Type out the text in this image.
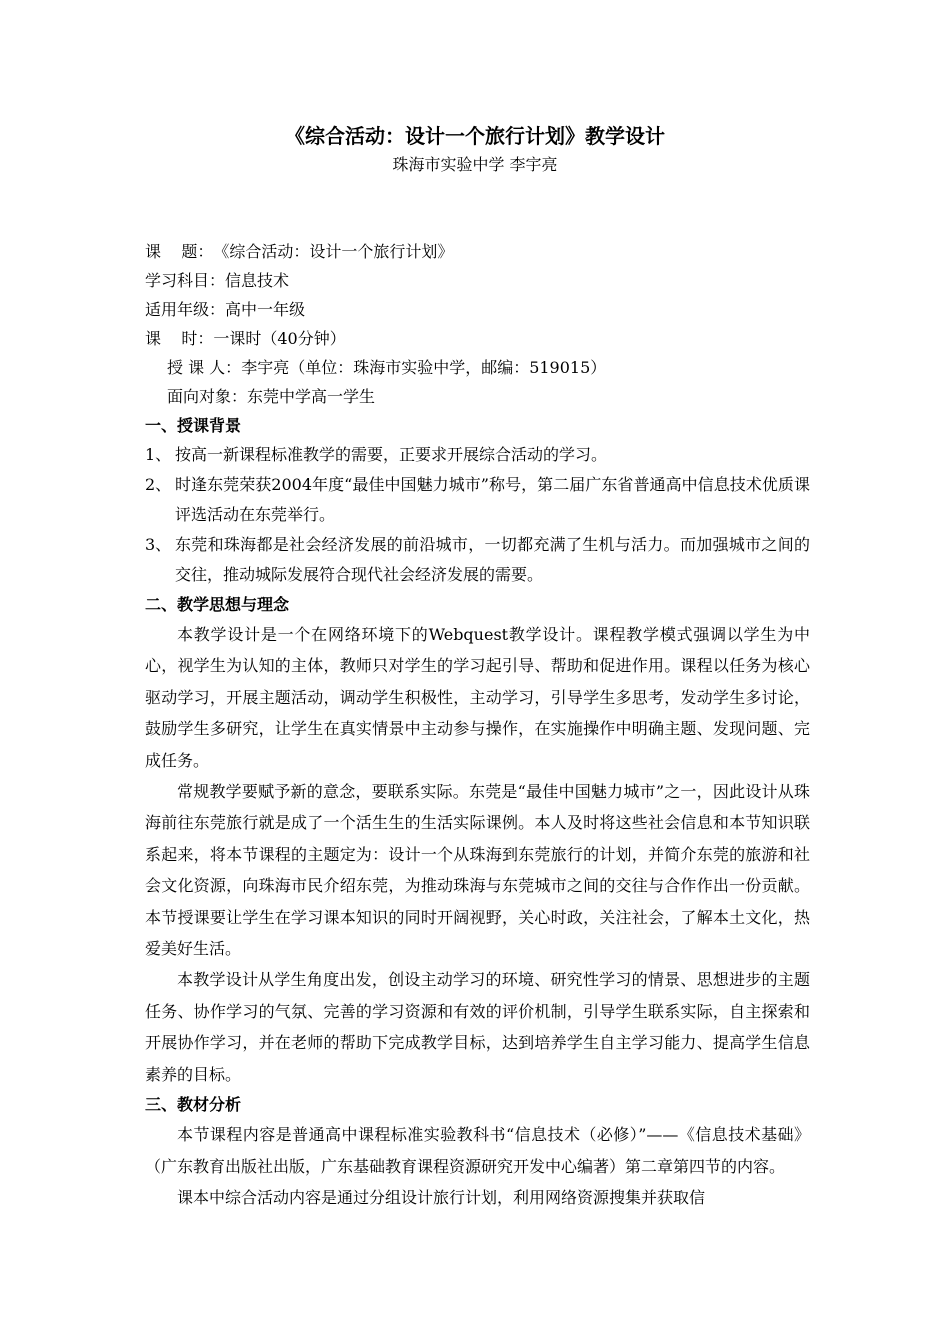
《综合活动：设计一个旅行计划》教学设计
珠海市实验中学 李宇亮
课    题：《综合活动：设计一个旅行计划》
学习科目：信息技术
适用年级：高中一年级
课    时：一课时（40分钟）
授 课 人：李宇亮（单位：珠海市实验中学，邮编：519015）
面向对象：东莞中学高一学生
一、授课背景
1、 按高一新课程标准教学的需要，正要求开展综合活动的学习。
2、 时逢东莞荣获2004年度“最佳中国魅力城市”称号，第二届广东省普通高中信息技术优质课评选活动在东莞举行。
3、 东莞和珠海都是社会经济发展的前沿城市，一切都充满了生机与活力。而加强城市之间的交往，推动城际发展符合现代社会经济发展的需要。
二、教学思想与理念

本教学设计是一个在网络环境下的Webquest教学设计。课程教学模式强调以学生为中心，视学生为认知的主体，教师只对学生的学习起引导、帮助和促进作用。课程以任务为核心驱动学习，开展主题活动，调动学生积极性，主动学习，引导学生多思考，发动学生多讨论，鼓励学生多研究，让学生在真实情景中主动参与操作，在实施操作中明确主题、发现问题、完成任务。

常规教学要赋予新的意念，要联系实际。东莞是“最佳中国魅力城市”之一，因此设计从珠海前往东莞旅行就是成了一个活生生的生活实际课例。本人及时将这些社会信息和本节知识联系起来，将本节课程的主题定为：设计一个从珠海到东莞旅行的计划，并简介东莞的旅游和社会文化资源，向珠海市民介绍东莞，为推动珠海与东莞城市之间的交往与合作作出一份贡献。本节授课要让学生在学习课本知识的同时开阔视野，关心时政，关注社会，了解本土文化，热爱美好生活。

本教学设计从学生角度出发，创设主动学习的环境、研究性学习的情景、思想进步的主题任务、协作学习的气氛、完善的学习资源和有效的评价机制，引导学生联系实际，自主探索和开展协作学习，并在老师的帮助下完成教学目标，达到培养学生自主学习能力、提高学生信息素养的目标。

三、教材分析

本节课程内容是普通高中课程标准实验教科书“信息技术（必修）”——《信息技术基础》（广东教育出版社出版，广东基础教育课程资源研究开发中心编著）第二章第四节的内容。

课本中综合活动内容是通过分组设计旅行计划，利用网络资源搜集并获取信
